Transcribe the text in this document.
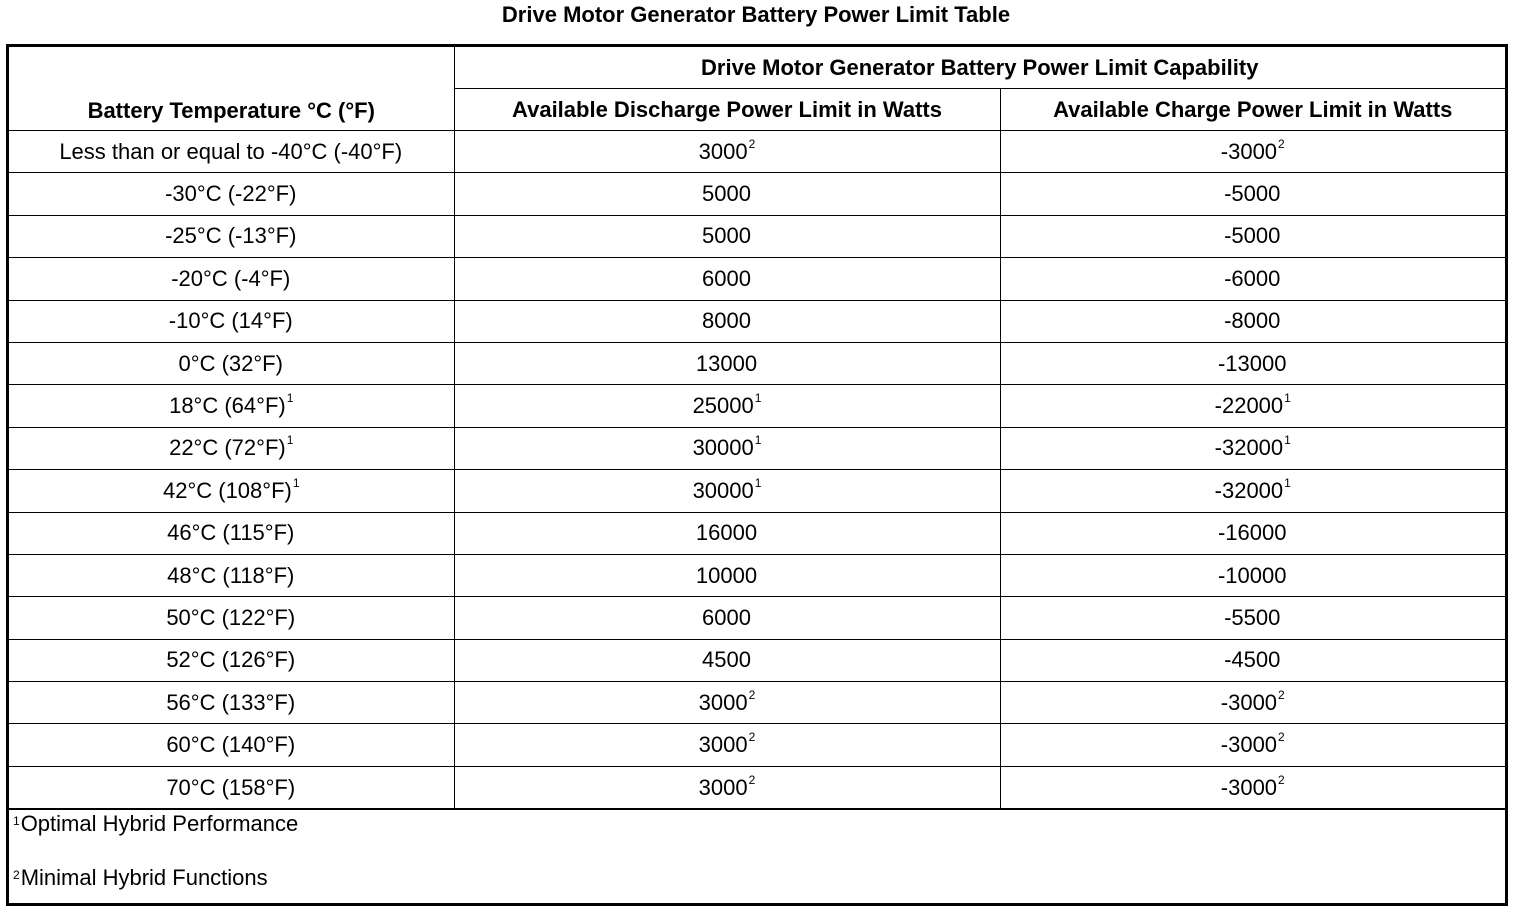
Drive Motor Generator Battery Power Limit Table
Battery Temperature °C (°F)	Drive Motor Generator Battery Power Limit Capability	
	Available Discharge Power Limit in Watts	Available Charge Power Limit in Watts
Less than or equal to -40°C (-40°F)	3000$^2$	-3000$^2$
-30°C (-22°F)	5000	-5000
-25°C (-13°F)	5000	-5000
-20°C (-4°F)	6000	-6000
-10°C (14°F)	8000	-8000
0°C (32°F)	13000	-13000
18°C $(64^\circ F)^1$	25000$^1$	-22000$^1$
22°C $(72^\circ F)^1$	30000$^1$	-32000$^1$
42°C $(108^\circ F)^1$	30000$^1$	-32000$^1$
46°C (115°F)	16000	-16000
48°C (118°F)	10000	-10000
50°C (122°F)	6000	-5500
52°C (126°F)	4500	-4500
56°C (133°F)	3000$^2$	-3000$^2$
60°C (140°F)	3000$^2$	-3000$^2$
70°C (158°F)	3000$^2$	-3000$^2$
$^1$Optimal Hybrid Performance
$^2$Minimal Hybrid Functions
